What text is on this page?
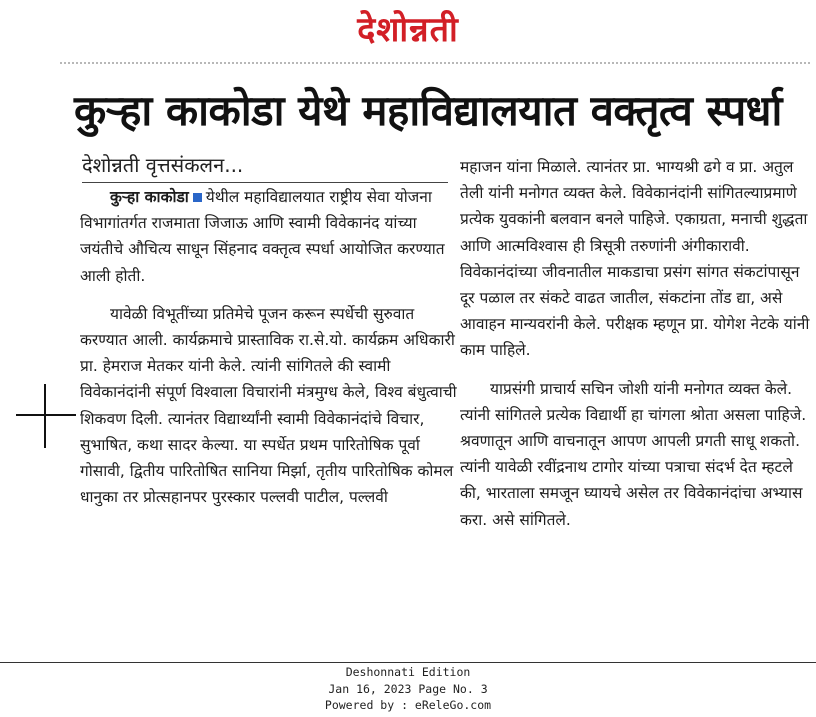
देशोन्नती
कुऱ्हा काकोडा येथे महाविद्यालयात वक्तृत्व स्पर्धा
देशोन्नती वृत्तसंकलन...

कुऱ्हा काकोडा येथील महाविद्यालयात राष्ट्रीय सेवा योजना विभागांतर्गत राजमाता जिजाऊ आणि स्वामी विवेकानंद यांच्या जयंतीचे औचित्य साधून सिंहनाद वक्तृत्व स्पर्धा आयोजित करण्यात आली होती.

यावेळी विभूतींच्या प्रतिमेचे पूजन करून स्पर्धेची सुरुवात करण्यात आली. कार्यक्रमाचे प्रास्ताविक रा.से.यो. कार्यक्रम अधिकारी प्रा. हेमराज मेतकर यांनी केले. त्यांनी सांगितले की स्वामी विवेकानंदांनी संपूर्ण विश्वाला विचारांनी मंत्रमुग्ध केले, विश्व बंधुत्वाची शिकवण दिली. त्यानंतर विद्यार्थ्यांनी स्वामी विवेकानंदांचे विचार, सुभाषित, कथा सादर केल्या. या स्पर्धेत प्रथम पारितोषिक पूर्वा गोसावी, द्वितीय पारितोषित सानिया मिर्झा, तृतीय पारितोषिक कोमल धानुका तर प्रोत्सहानपर पुरस्कार पल्लवी पाटील, पल्लवी

महाजन यांना मिळाले. त्यानंतर प्रा. भाग्यश्री ढगे व प्रा. अतुल तेली यांनी मनोगत व्यक्त केले. विवेकानंदांनी सांगितल्याप्रमाणे प्रत्येक युवकांनी बलवान बनले पाहिजे. एकाग्रता, मनाची शुद्धता आणि आत्मविश्वास ही त्रिसूत्री तरुणांनी अंगीकारावी. विवेकानंदांच्या जीवनातील माकडाचा प्रसंग सांगत संकटांपासून दूर पळाल तर संकटे वाढत जातील, संकटांना तोंड द्या, असे आवाहन मान्यवरांनी केले. परीक्षक म्हणून प्रा. योगेश नेटके यांनी काम पाहिले.

याप्रसंगी प्राचार्य सचिन जोशी यांनी मनोगत व्यक्त केले. त्यांनी सांगितले प्रत्येक विद्यार्थी हा चांगला श्रोता असला पाहिजे. श्रवणातून आणि वाचनातून आपण आपली प्रगती साधू शकतो. त्यांनी यावेळी रवींद्रनाथ टागोर यांच्या पत्राचा संदर्भ देत म्हटले की, भारताला समजून घ्यायचे असेल तर विवेकानंदांचा अभ्यास करा. असे सांगितले.

Deshonnati Edition
Jan 16, 2023 Page No. 3
Powered by : eReleGo.com
